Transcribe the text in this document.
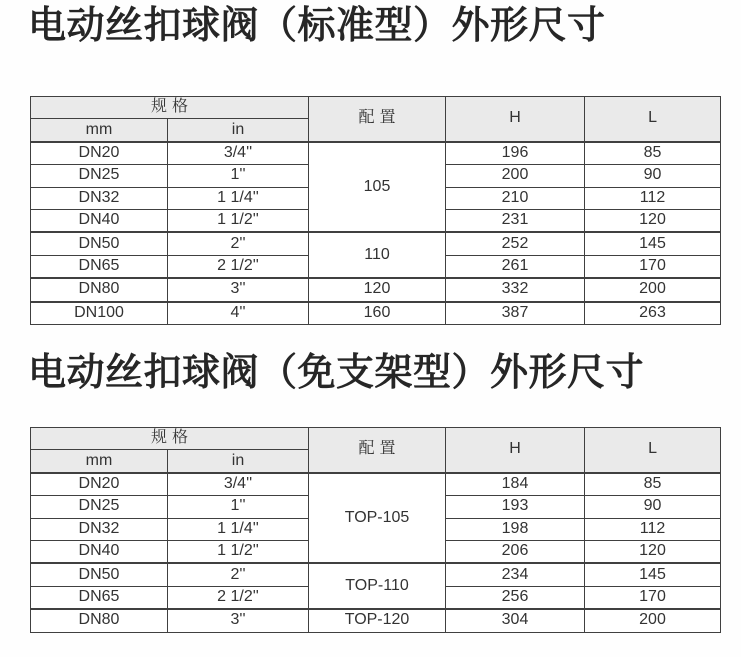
电动丝扣球阀（标准型）外形尺寸
规格		配置	H	L
mm	in			
DN20	3/4''	105	196	85
DN25	1''		200	90
DN32	1 1/4''		210	112
DN40	1 1/2''		231	120
DN50	2''	110	252	145
DN65	2 1/2''		261	170
DN80	3''	120	332	200
DN100	4''	160	387	263
电动丝扣球阀（免支架型）外形尺寸
规格		配置	H	L
mm	in			
DN20	3/4''	TOP-105	184	85
DN25	1''		193	90
DN32	1 1/4''		198	112
DN40	1 1/2''		206	120
DN50	2''	TOP-110	234	145
DN65	2 1/2''		256	170
DN80	3''	TOP-120	304	200
